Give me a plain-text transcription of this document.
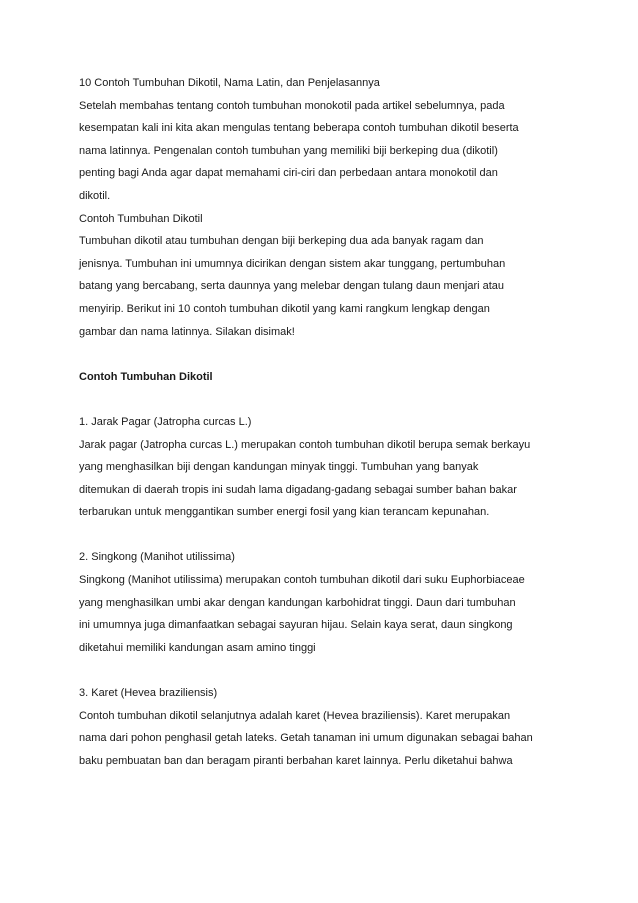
10 Contoh Tumbuhan Dikotil, Nama Latin, dan Penjelasannya
Setelah membahas tentang contoh tumbuhan monokotil pada artikel sebelumnya, pada
kesempatan kali ini kita akan mengulas tentang beberapa contoh tumbuhan dikotil beserta
nama latinnya. Pengenalan contoh tumbuhan yang memiliki biji berkeping dua (dikotil)
penting bagi Anda agar dapat memahami ciri-ciri dan perbedaan antara monokotil dan
dikotil.
Contoh Tumbuhan Dikotil
Tumbuhan dikotil atau tumbuhan dengan biji berkeping dua ada banyak ragam dan
jenisnya. Tumbuhan ini umumnya dicirikan dengan sistem akar tunggang, pertumbuhan
batang yang bercabang, serta daunnya yang melebar dengan tulang daun menjari atau
menyirip. Berikut ini 10 contoh tumbuhan dikotil yang kami rangkum lengkap dengan
gambar dan nama latinnya. Silakan disimak!
Contoh Tumbuhan Dikotil
1. Jarak Pagar (Jatropha curcas L.)
Jarak pagar (Jatropha curcas L.) merupakan contoh tumbuhan dikotil berupa semak berkayu
yang menghasilkan biji dengan kandungan minyak tinggi. Tumbuhan yang banyak
ditemukan di daerah tropis ini sudah lama digadang-gadang sebagai sumber bahan bakar
terbarukan untuk menggantikan sumber energi fosil yang kian terancam kepunahan.
2. Singkong (Manihot utilissima)
Singkong (Manihot utilissima) merupakan contoh tumbuhan dikotil dari suku Euphorbiaceae
yang menghasilkan umbi akar dengan kandungan karbohidrat tinggi. Daun dari tumbuhan
ini umumnya juga dimanfaatkan sebagai sayuran hijau. Selain kaya serat, daun singkong
diketahui memiliki kandungan asam amino tinggi
3. Karet (Hevea braziliensis)
Contoh tumbuhan dikotil selanjutnya adalah karet (Hevea braziliensis). Karet merupakan
nama dari pohon penghasil getah lateks. Getah tanaman ini umum digunakan sebagai bahan
baku pembuatan ban dan beragam piranti berbahan karet lainnya. Perlu diketahui bahwa
